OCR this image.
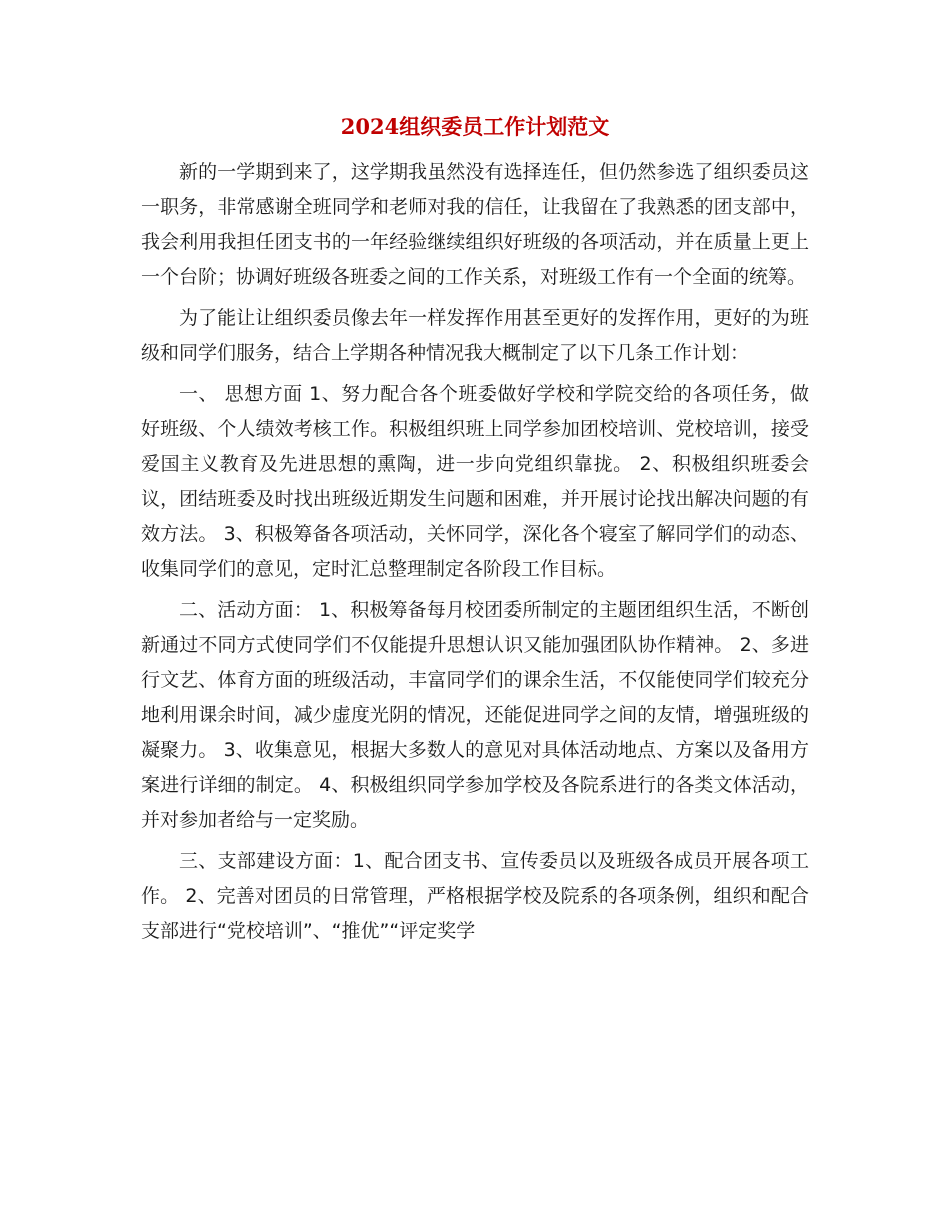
2024组织委员工作计划范文

新的一学期到来了，这学期我虽然没有选择连任，但仍然参选了组织委员这一职务，非常感谢全班同学和老师对我的信任，让我留在了我熟悉的团支部中，我会利用我担任团支书的一年经验继续组织好班级的各项活动，并在质量上更上一个台阶；协调好班级各班委之间的工作关系，对班级工作有一个全面的统筹。

为了能让让组织委员像去年一样发挥作用甚至更好的发挥作用，更好的为班级和同学们服务，结合上学期各种情况我大概制定了以下几条工作计划：

一、 思想方面 1、努力配合各个班委做好学校和学院交给的各项任务，做好班级、个人绩效考核工作。积极组织班上同学参加团校培训、党校培训，接受爱国主义教育及先进思想的熏陶，进一步向党组织靠拢。 2、积极组织班委会议，团结班委及时找出班级近期发生问题和困难，并开展讨论找出解决问题的有效方法。 3、积极筹备各项活动，关怀同学，深化各个寝室了解同学们的动态、收集同学们的意见，定时汇总整理制定各阶段工作目标。

二、活动方面： 1、积极筹备每月校团委所制定的主题团组织生活，不断创新通过不同方式使同学们不仅能提升思想认识又能加强团队协作精神。 2、多进行文艺、体育方面的班级活动，丰富同学们的课余生活，不仅能使同学们较充分地利用课余时间，减少虚度光阴的情况，还能促进同学之间的友情，增强班级的凝聚力。 3、收集意见，根据大多数人的意见对具体活动地点、方案以及备用方案进行详细的制定。 4、积极组织同学参加学校及各院系进行的各类文体活动，并对参加者给与一定奖励。

三、支部建设方面：1、配合团支书、宣传委员以及班级各成员开展各项工作。 2、完善对团员的日常管理，严格根据学校及院系的各项条例，组织和配合支部进行“党校培训”、“推优”“评定奖学
